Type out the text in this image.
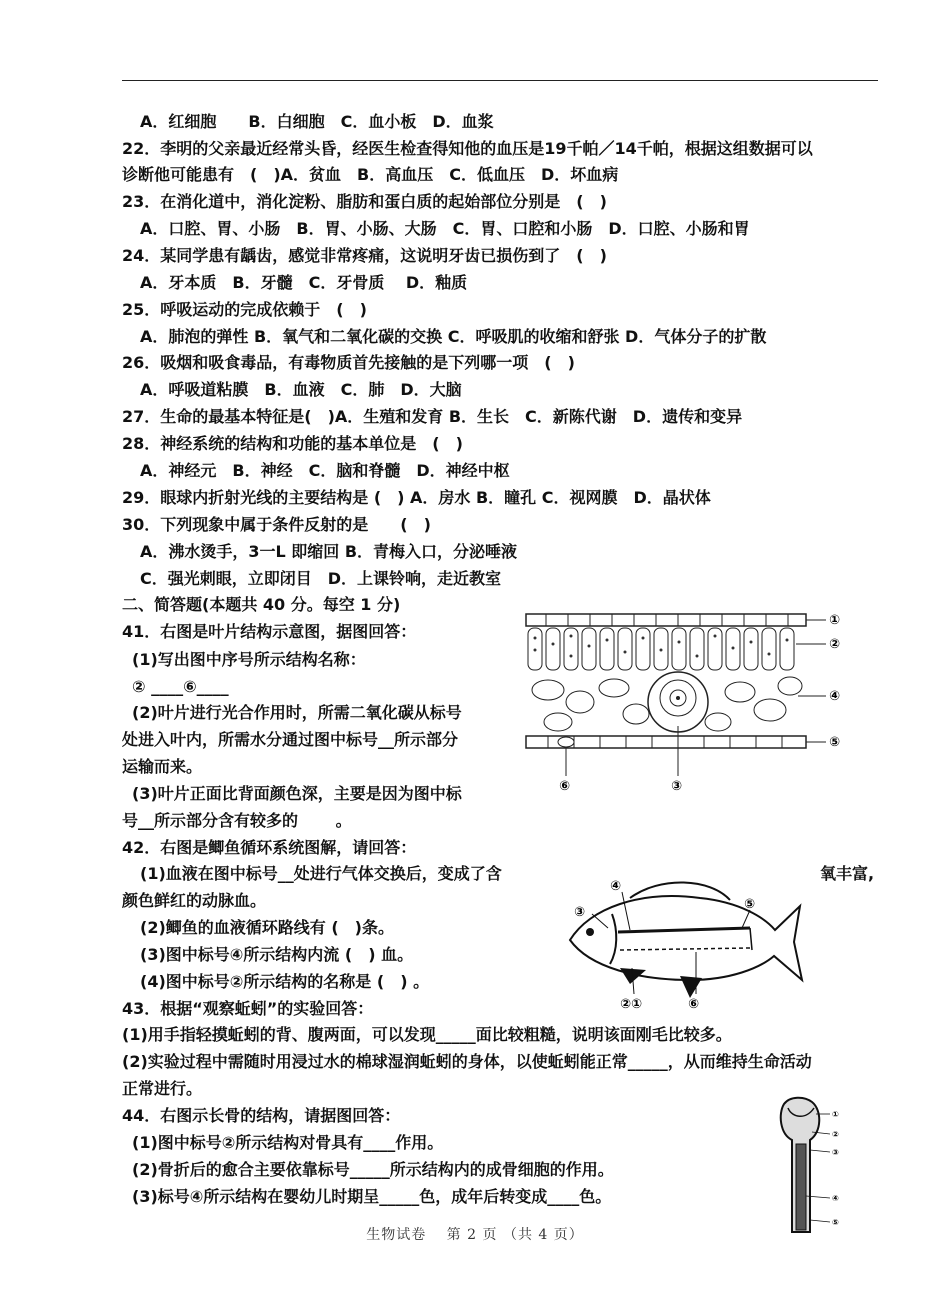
A．红细胞　　B．白细胞　C．血小板　D．血浆
22．李明的父亲最近经常头昏，经医生检查得知他的血压是19千帕／14千帕，根据这组数据可以
诊断他可能患有　(　)A．贫血　B．高血压　C．低血压　D．坏血病
23．在消化道中，消化淀粉、脂肪和蛋白质的起始部位分别是　(　)
A．口腔、胃、小肠　B．胃、小肠、大肠　C．胃、口腔和小肠　D．口腔、小肠和胃
24．某同学患有龋齿，感觉非常疼痛，这说明牙齿已损伤到了　(　)
A．牙本质　B．牙髓　C．牙骨质　 D．釉质
25．呼吸运动的完成依赖于　(　)
A．肺泡的弹性 B．氧气和二氧化碳的交换 C．呼吸肌的收缩和舒张 D．气体分子的扩散
26．吸烟和吸食毒品，有毒物质首先接触的是下列哪一项　(　)
A．呼吸道粘膜　B．血液　C．肺　D．大脑
27．生命的最基本特征是(　)A．生殖和发育 B．生长　C．新陈代谢　D．遗传和变异
28．神经系统的结构和功能的基本单位是　(　)
A．神经元　B．神经　C．脑和脊髓　D．神经中枢
29．眼球内折射光线的主要结构是 (　) A．房水 B．瞳孔 C．视网膜　D．晶状体
30．下列现象中属于条件反射的是　　(　)
A．沸水烫手，3一L 即缩回 B．青梅入口，分泌唾液
C．强光刺眼，立即闭目　D．上课铃响，走近教室
二、简答题(本题共 40 分。每空 1 分)
41．右图是叶片结构示意图，据图回答：
(1)写出图中序号所示结构名称：
② ____⑥____
(2)叶片进行光合作用时，所需二氧化碳从标号
处进入叶内，所需水分通过图中标号__所示部分
运输而来。
(3)叶片正面比背面颜色深，主要是因为图中标
号__所示部分含有较多的　　 。
42．右图是鲫鱼循环系统图解，请回答：
(1)血液在图中标号__处进行气体交换后，变成了含	氧丰富,
颜色鲜红的动脉血。
(2)鲫鱼的血液循环路线有 (　)条。
(3)图中标号④所示结构内流 (　) 血。
(4)图中标号②所示结构的名称是 (　) 。
43．根据“观察蚯蚓”的实验回答：
(1)用手指轻摸蚯蚓的背、腹两面，可以发现_____面比较粗糙，说明该面刚毛比较多。
(2)实验过程中需随时用浸过水的棉球湿润蚯蚓的身体，以使蚯蚓能正常_____，从而维持生命活动
正常进行。
44．右图示长骨的结构，请据图回答：
(1)图中标号②所示结构对骨具有____作用。
(2)骨折后的愈合主要依靠标号_____所示结构内的成骨细胞的作用。
(3)标号④所示结构在婴幼儿时期呈_____色，成年后转变成____色。
①
②
④
⑤
⑥	③
④
⑤
③
②①	⑥
①
②
③
④
⑤
生物试卷　 第 2 页 （共 4 页）
